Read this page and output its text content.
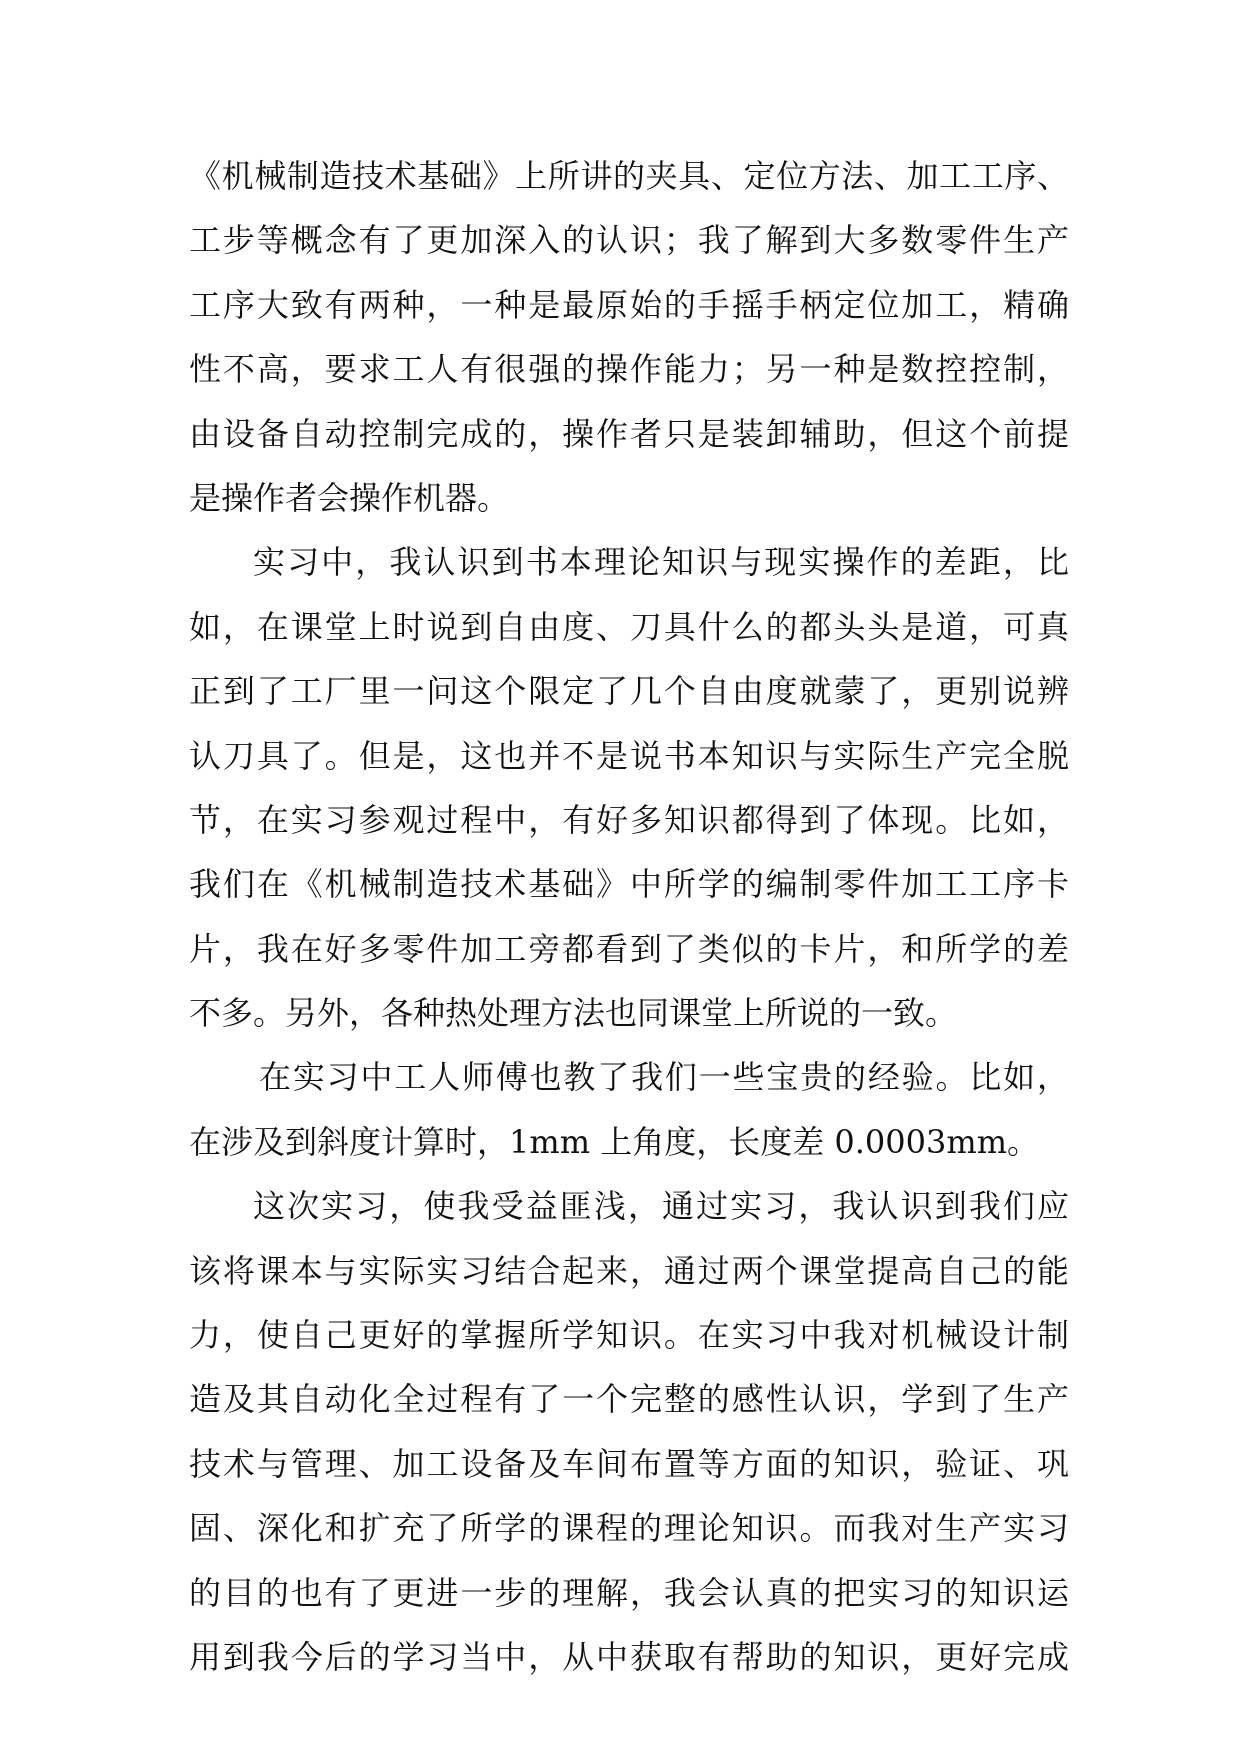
《机械制造技术基础》上所讲的夹具、定位方法、加工工序、
工步等概念有了更加深入的认识；我了解到大多数零件生产
工序大致有两种，一种是最原始的手摇手柄定位加工，精确
性不高，要求工人有很强的操作能力；另一种是数控控制，
由设备自动控制完成的，操作者只是装卸辅助，但这个前提
是操作者会操作机器。
实习中，我认识到书本理论知识与现实操作的差距，比
如，在课堂上时说到自由度、刀具什么的都头头是道，可真
正到了工厂里一问这个限定了几个自由度就蒙了，更别说辨
认刀具了。但是，这也并不是说书本知识与实际生产完全脱
节，在实习参观过程中，有好多知识都得到了体现。比如，
我们在《机械制造技术基础》中所学的编制零件加工工序卡
片，我在好多零件加工旁都看到了类似的卡片，和所学的差
不多。另外，各种热处理方法也同课堂上所说的一致。
在实习中工人师傅也教了我们一些宝贵的经验。比如，
在涉及到斜度计算时，1mm 上角度，长度差 0.0003mm。
这次实习，使我受益匪浅，通过实习，我认识到我们应
该将课本与实际实习结合起来，通过两个课堂提高自己的能
力，使自己更好的掌握所学知识。在实习中我对机械设计制
造及其自动化全过程有了一个完整的感性认识，学到了生产
技术与管理、加工设备及车间布置等方面的知识，验证、巩
固、深化和扩充了所学的课程的理论知识。而我对生产实习
的目的也有了更进一步的理解，我会认真的把实习的知识运
用到我今后的学习当中，从中获取有帮助的知识，更好完成
